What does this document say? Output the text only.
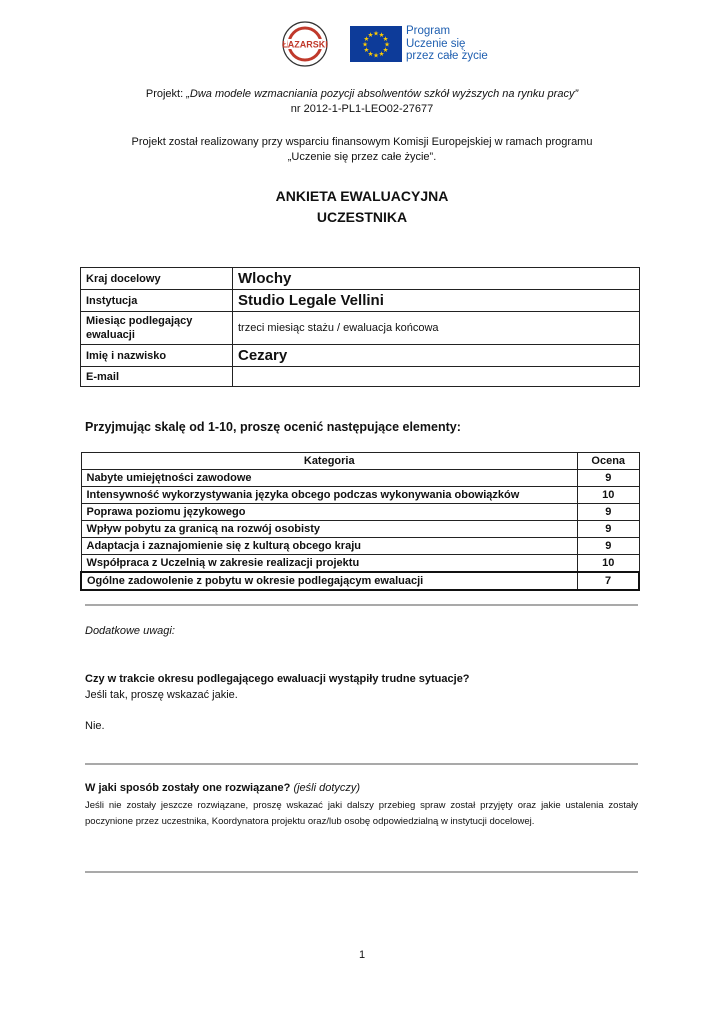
ŁAZARSKI	★
★
★
★
★
★
★
★
★ ★ ★
★
Program
Uczenie się
przez całe życie
Projekt: „Dwa modele wzmacniania pozycji absolwentów szkół wyższych na rynku pracy”
nr 2012-1-PL1-LEO02-27677
Projekt został realizowany przy wsparciu finansowym Komisji Europejskiej w ramach programu
„Uczenie się przez całe życie”.
ANKIETA EWALUACYJNA
UCZESTNIKA
Kraj docelowy	Wlochy
Instytucja	Studio Legale Vellini
Miesiąc podlegający ewaluacji	trzeci miesiąc stażu / ewaluacja końcowa
Imię i nazwisko	Cezary
E-mail	
Przyjmując skalę od 1-10, proszę ocenić następujące elementy:
Kategoria	Ocena
Nabyte umiejętności zawodowe	9
Intensywność wykorzystywania języka obcego podczas wykonywania obowiązków	10
Poprawa poziomu językowego	9
Wpływ pobytu za granicą na rozwój osobisty	9
Adaptacja i zaznajomienie się z kulturą obcego kraju	9
Współpraca z Uczelnią w zakresie realizacji projektu	10
Ogólne zadowolenie z pobytu w okresie podlegającym ewaluacji	7
Dodatkowe uwagi:
Czy w trakcie okresu podlegającego ewaluacji wystąpiły trudne sytuacje?
Jeśli tak, proszę wskazać jakie.
Nie.
W jaki sposób zostały one rozwiązane? (jeśli dotyczy)
Jeśli nie zostały jeszcze rozwiązane, proszę wskazać jaki dalszy przebieg spraw został przyjęty oraz jakie ustalenia zostały poczynione przez uczestnika, Koordynatora projektu oraz/lub osobę odpowiedzialną w instytucji docelowej.
1
